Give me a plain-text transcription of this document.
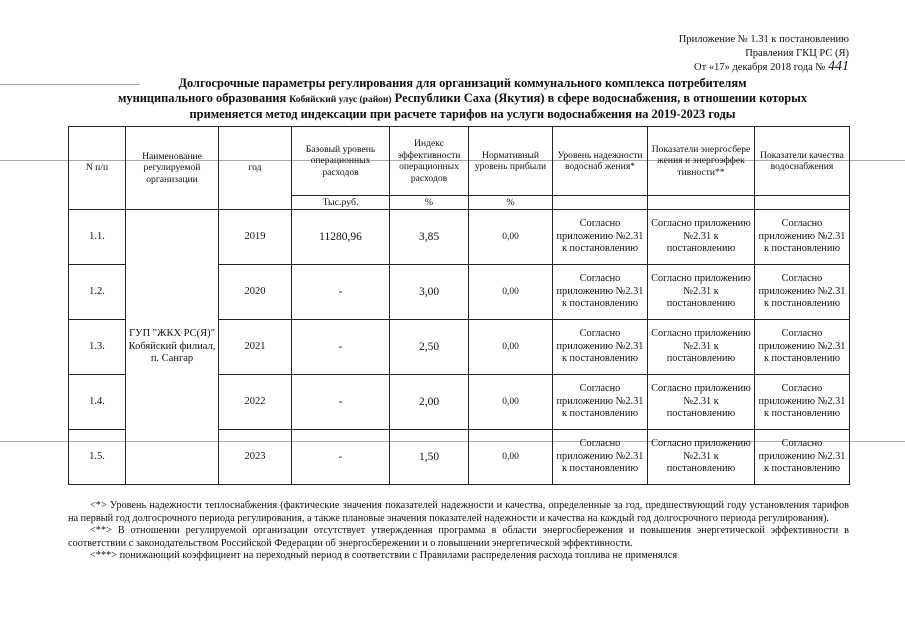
Приложение № 1.31 к постановлению
Правления ГКЦ РС (Я)
От «17» декабря 2018 года № 441
Долгосрочные параметры регулирования для организаций коммунального комплекса потребителям
муниципального образования Кобяйский улус (район) Республики Саха (Якутия) в сфере водоснабжения, в отношении которых
применяется метод индексации при расчете тарифов на услуги водоснабжения на 2019-2023 годы
N п/п	Наименование регулируемой организации	год	Базовый уровень операционных расходов	Индекс эффективности операционных расходов	Нормативный уровень прибыли	Уровень надежности водоснаб жения*	Показатели энергосбере жения и энергоэффек тивности**	Показатели качества водоснабжения
			Тыс.руб.	%	%			
1.1.	ГУП "ЖКХ РС(Я)" Кобяйский филиал, п. Сангар	2019	11280,96	3,85	0,00	Согласно приложению №2.31 к постановлению	Согласно приложению №2.31 к постановлению	Согласно приложению №2.31 к постановлению
1.2.		2020	-	3,00	0,00	Согласно приложению №2.31 к постановлению	Согласно приложению №2.31 к постановлению	Согласно приложению №2.31 к постановлению
1.3.		2021	-	2,50	0,00	Согласно приложению №2.31 к постановлению	Согласно приложению №2.31 к постановлению	Согласно приложению №2.31 к постановлению
1.4.		2022	-	2,00	0,00	Согласно приложению №2.31 к постановлению	Согласно приложению №2.31 к постановлению	Согласно приложению №2.31 к постановлению
1.5.		2023	-	1,50	0,00	Согласно приложению №2.31 к постановлению	Согласно приложению №2.31 к постановлению	Согласно приложению №2.31 к постановлению

<*> Уровень надежности теплоснабжения (фактические значения показателей надежности и качества, определенные за год, предшествующий году установления тарифов на первый год долгосрочного периода регулирования, а также плановые значения показателей надежности и качества на каждый год долгосрочного периода регулирования).

<**> В отношении регулируемой организации отсутствует утвержденная программа в области энергосбережения и повышения энергетической эффективности в соответствии с законодательством Российской Федерации об энергосбережении и о повышении энергетической эффективности.

<***> понижающий коэффициент на переходный период в соответствии с Правилами распределения расхода топлива не применялся
